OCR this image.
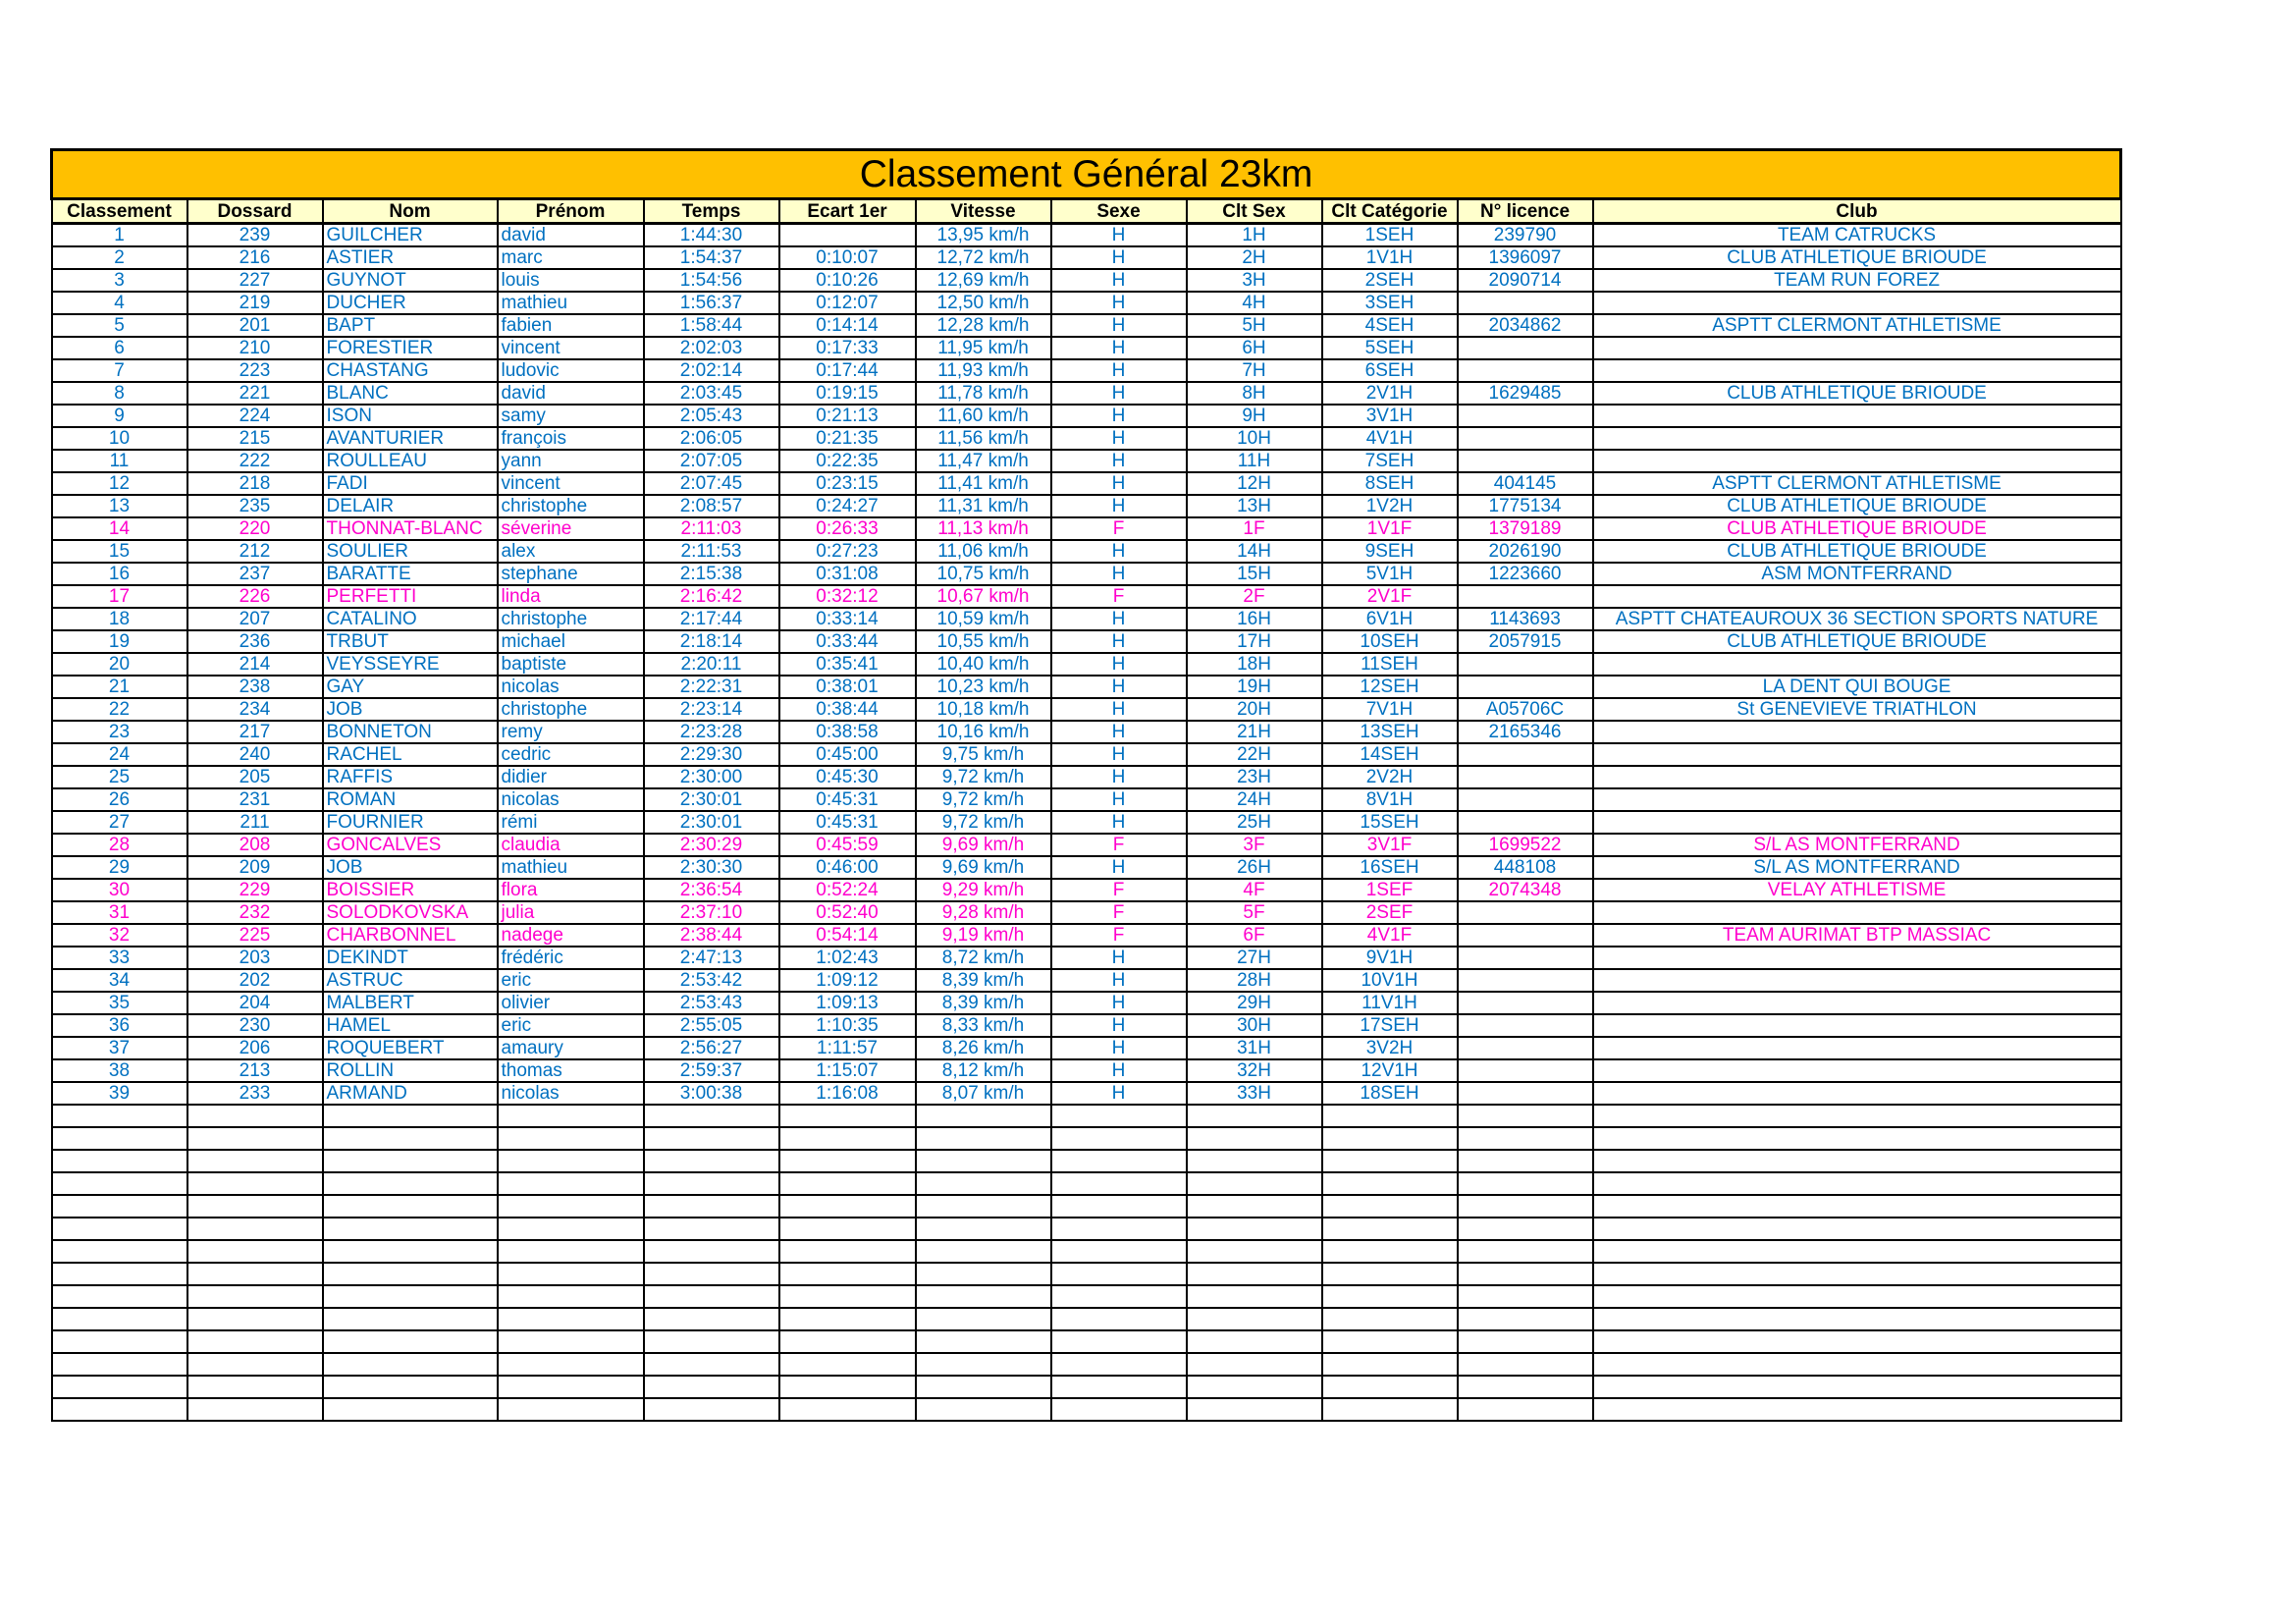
Classement Général 23km											
Classement	Dossard	Nom	Prénom	Temps	Ecart 1er	Vitesse	Sexe	Clt Sex	Clt Catégorie	N° licence	Club
1	239	GUILCHER	david	1:44:30		13,95 km/h	H	1H	1SEH	239790	TEAM CATRUCKS
2	216	ASTIER	marc	1:54:37	0:10:07	12,72 km/h	H	2H	1V1H	1396097	CLUB ATHLETIQUE BRIOUDE
3	227	GUYNOT	louis	1:54:56	0:10:26	12,69 km/h	H	3H	2SEH	2090714	TEAM RUN FOREZ
4	219	DUCHER	mathieu	1:56:37	0:12:07	12,50 km/h	H	4H	3SEH		
5	201	BAPT	fabien	1:58:44	0:14:14	12,28 km/h	H	5H	4SEH	2034862	ASPTT CLERMONT ATHLETISME
6	210	FORESTIER	vincent	2:02:03	0:17:33	11,95 km/h	H	6H	5SEH		
7	223	CHASTANG	ludovic	2:02:14	0:17:44	11,93 km/h	H	7H	6SEH		
8	221	BLANC	david	2:03:45	0:19:15	11,78 km/h	H	8H	2V1H	1629485	CLUB ATHLETIQUE BRIOUDE
9	224	ISON	samy	2:05:43	0:21:13	11,60 km/h	H	9H	3V1H		
10	215	AVANTURIER	françois	2:06:05	0:21:35	11,56 km/h	H	10H	4V1H		
11	222	ROULLEAU	yann	2:07:05	0:22:35	11,47 km/h	H	11H	7SEH		
12	218	FADI	vincent	2:07:45	0:23:15	11,41 km/h	H	12H	8SEH	404145	ASPTT CLERMONT ATHLETISME
13	235	DELAIR	christophe	2:08:57	0:24:27	11,31 km/h	H	13H	1V2H	1775134	CLUB ATHLETIQUE BRIOUDE
14	220	THONNAT-BLANC	séverine	2:11:03	0:26:33	11,13 km/h	F	1F	1V1F	1379189	CLUB ATHLETIQUE BRIOUDE
15	212	SOULIER	alex	2:11:53	0:27:23	11,06 km/h	H	14H	9SEH	2026190	CLUB ATHLETIQUE BRIOUDE
16	237	BARATTE	stephane	2:15:38	0:31:08	10,75 km/h	H	15H	5V1H	1223660	ASM MONTFERRAND
17	226	PERFETTI	linda	2:16:42	0:32:12	10,67 km/h	F	2F	2V1F		
18	207	CATALINO	christophe	2:17:44	0:33:14	10,59 km/h	H	16H	6V1H	1143693	ASPTT CHATEAUROUX 36 SECTION SPORTS NATURE
19	236	TRBUT	michael	2:18:14	0:33:44	10,55 km/h	H	17H	10SEH	2057915	CLUB ATHLETIQUE BRIOUDE
20	214	VEYSSEYRE	baptiste	2:20:11	0:35:41	10,40 km/h	H	18H	11SEH		
21	238	GAY	nicolas	2:22:31	0:38:01	10,23 km/h	H	19H	12SEH		LA DENT QUI BOUGE
22	234	JOB	christophe	2:23:14	0:38:44	10,18 km/h	H	20H	7V1H	A05706C	St GENEVIEVE TRIATHLON
23	217	BONNETON	remy	2:23:28	0:38:58	10,16 km/h	H	21H	13SEH	2165346	
24	240	RACHEL	cedric	2:29:30	0:45:00	9,75 km/h	H	22H	14SEH		
25	205	RAFFIS	didier	2:30:00	0:45:30	9,72 km/h	H	23H	2V2H		
26	231	ROMAN	nicolas	2:30:01	0:45:31	9,72 km/h	H	24H	8V1H		
27	211	FOURNIER	rémi	2:30:01	0:45:31	9,72 km/h	H	25H	15SEH		
28	208	GONCALVES	claudia	2:30:29	0:45:59	9,69 km/h	F	3F	3V1F	1699522	S/L AS MONTFERRAND
29	209	JOB	mathieu	2:30:30	0:46:00	9,69 km/h	H	26H	16SEH	448108	S/L AS MONTFERRAND
30	229	BOISSIER	flora	2:36:54	0:52:24	9,29 km/h	F	4F	1SEF	2074348	VELAY ATHLETISME
31	232	SOLODKOVSKA	julia	2:37:10	0:52:40	9,28 km/h	F	5F	2SEF		
32	225	CHARBONNEL	nadege	2:38:44	0:54:14	9,19 km/h	F	6F	4V1F		TEAM AURIMAT BTP MASSIAC
33	203	DEKINDT	frédéric	2:47:13	1:02:43	8,72 km/h	H	27H	9V1H		
34	202	ASTRUC	eric	2:53:42	1:09:12	8,39 km/h	H	28H	10V1H		
35	204	MALBERT	olivier	2:53:43	1:09:13	8,39 km/h	H	29H	11V1H		
36	230	HAMEL	eric	2:55:05	1:10:35	8,33 km/h	H	30H	17SEH		
37	206	ROQUEBERT	amaury	2:56:27	1:11:57	8,26 km/h	H	31H	3V2H		
38	213	ROLLIN	thomas	2:59:37	1:15:07	8,12 km/h	H	32H	12V1H		
39	233	ARMAND	nicolas	3:00:38	1:16:08	8,07 km/h	H	33H	18SEH		
